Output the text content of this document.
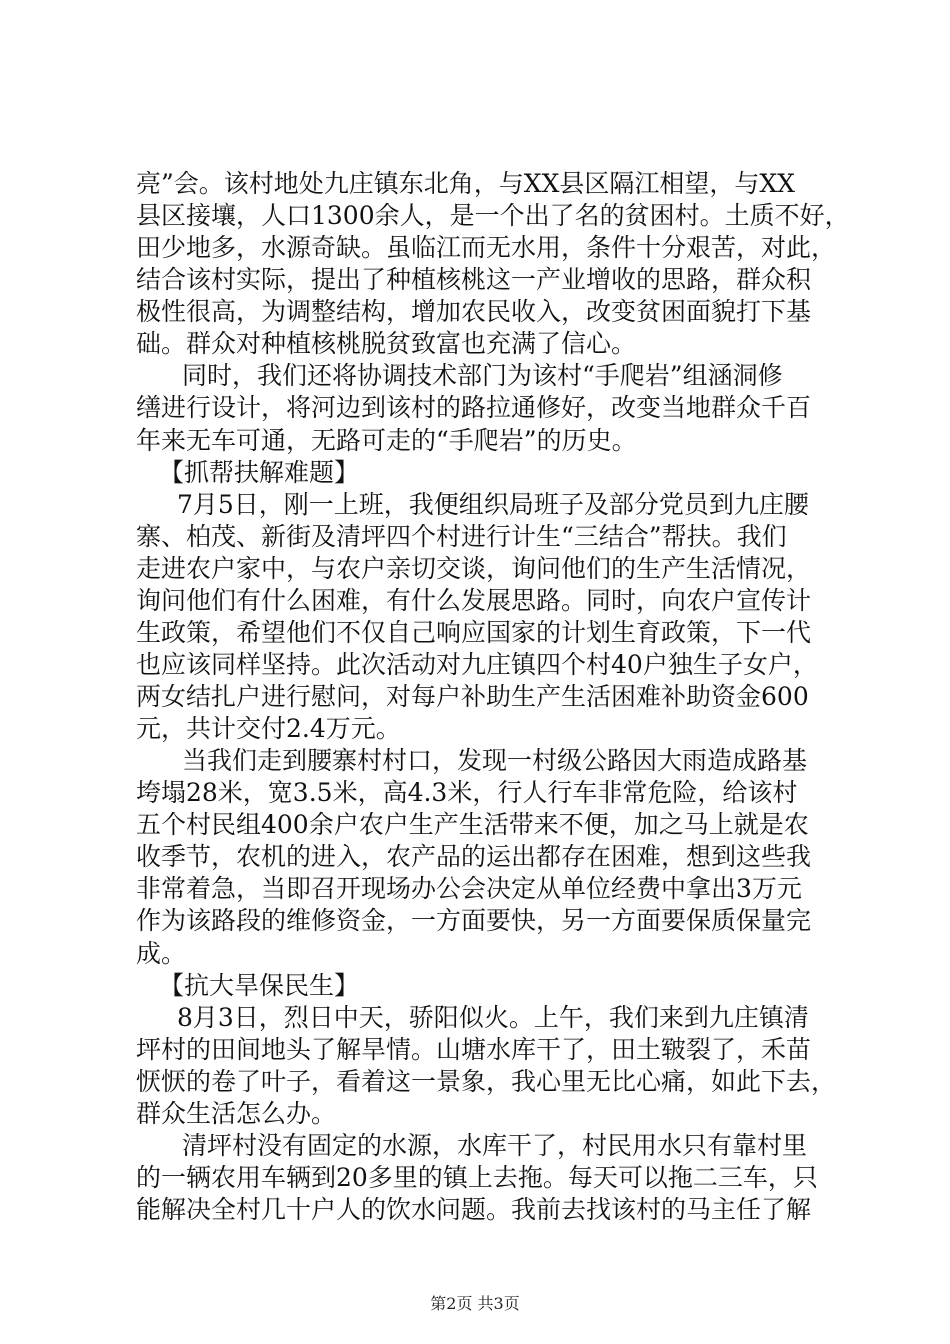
亮”会。该村地处九庄镇东北角，与XX县区隔江相望，与XX
县区接壤，人口1300余人，是一个出了名的贫困村。土质不好，
田少地多，水源奇缺。虽临江而无水用，条件十分艰苦，对此，
结合该村实际，提出了种植核桃这一产业增收的思路，群众积
极性很高，为调整结构，增加农民收入，改变贫困面貌打下基
础。群众对种植核桃脱贫致富也充满了信心。
同时，我们还将协调技术部门为该村“手爬岩”组涵洞修
缮进行设计，将河边到该村的路拉通修好，改变当地群众千百
年来无车可通，无路可走的“手爬岩”的历史。
【抓帮扶解难题】
7月5日，刚一上班，我便组织局班子及部分党员到九庄腰
寨、柏茂、新街及清坪四个村进行计生“三结合”帮扶。我们
走进农户家中，与农户亲切交谈，询问他们的生产生活情况，
询问他们有什么困难，有什么发展思路。同时，向农户宣传计
生政策，希望他们不仅自己响应国家的计划生育政策，下一代
也应该同样坚持。此次活动对九庄镇四个村40户独生子女户，
两女结扎户进行慰问，对每户补助生产生活困难补助资金600
元，共计交付2.4万元。
当我们走到腰寨村村口，发现一村级公路因大雨造成路基
垮塌28米，宽3.5米，高4.3米，行人行车非常危险，给该村
五个村民组400余户农户生产生活带来不便，加之马上就是农
收季节，农机的进入，农产品的运出都存在困难，想到这些我
非常着急，当即召开现场办公会决定从单位经费中拿出3万元
作为该路段的维修资金，一方面要快，另一方面要保质保量完
成。
【抗大旱保民生】
8月3日，烈日中天，骄阳似火。上午，我们来到九庄镇清
坪村的田间地头了解旱情。山塘水库干了，田土皲裂了，禾苗
恹恹的卷了叶子，看着这一景象，我心里无比心痛，如此下去，
群众生活怎么办。
清坪村没有固定的水源，水库干了，村民用水只有靠村里
的一辆农用车辆到20多里的镇上去拖。每天可以拖二三车，只
能解决全村几十户人的饮水问题。我前去找该村的马主任了解
第2页 共3页
